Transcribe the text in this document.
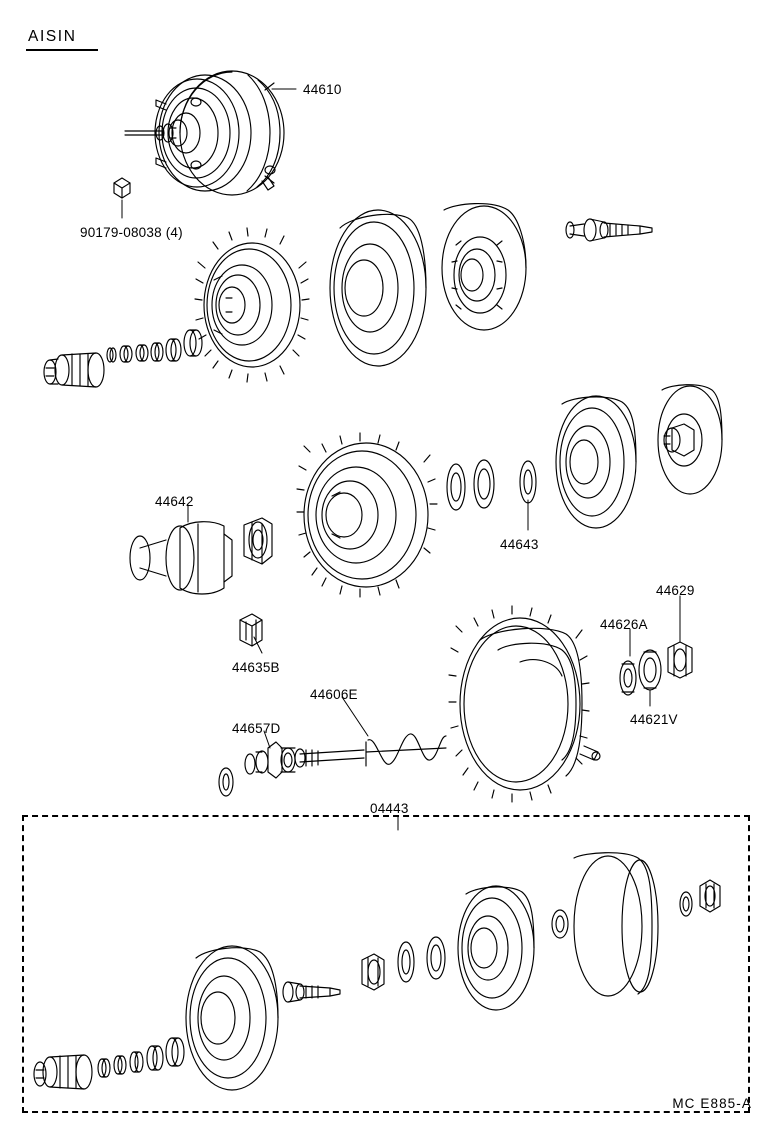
AISIN
44610
90179-08038 (4)
44642
44643
44635B
44606E
44657D
44626A
44629
44621V
04443
MC E885-A
